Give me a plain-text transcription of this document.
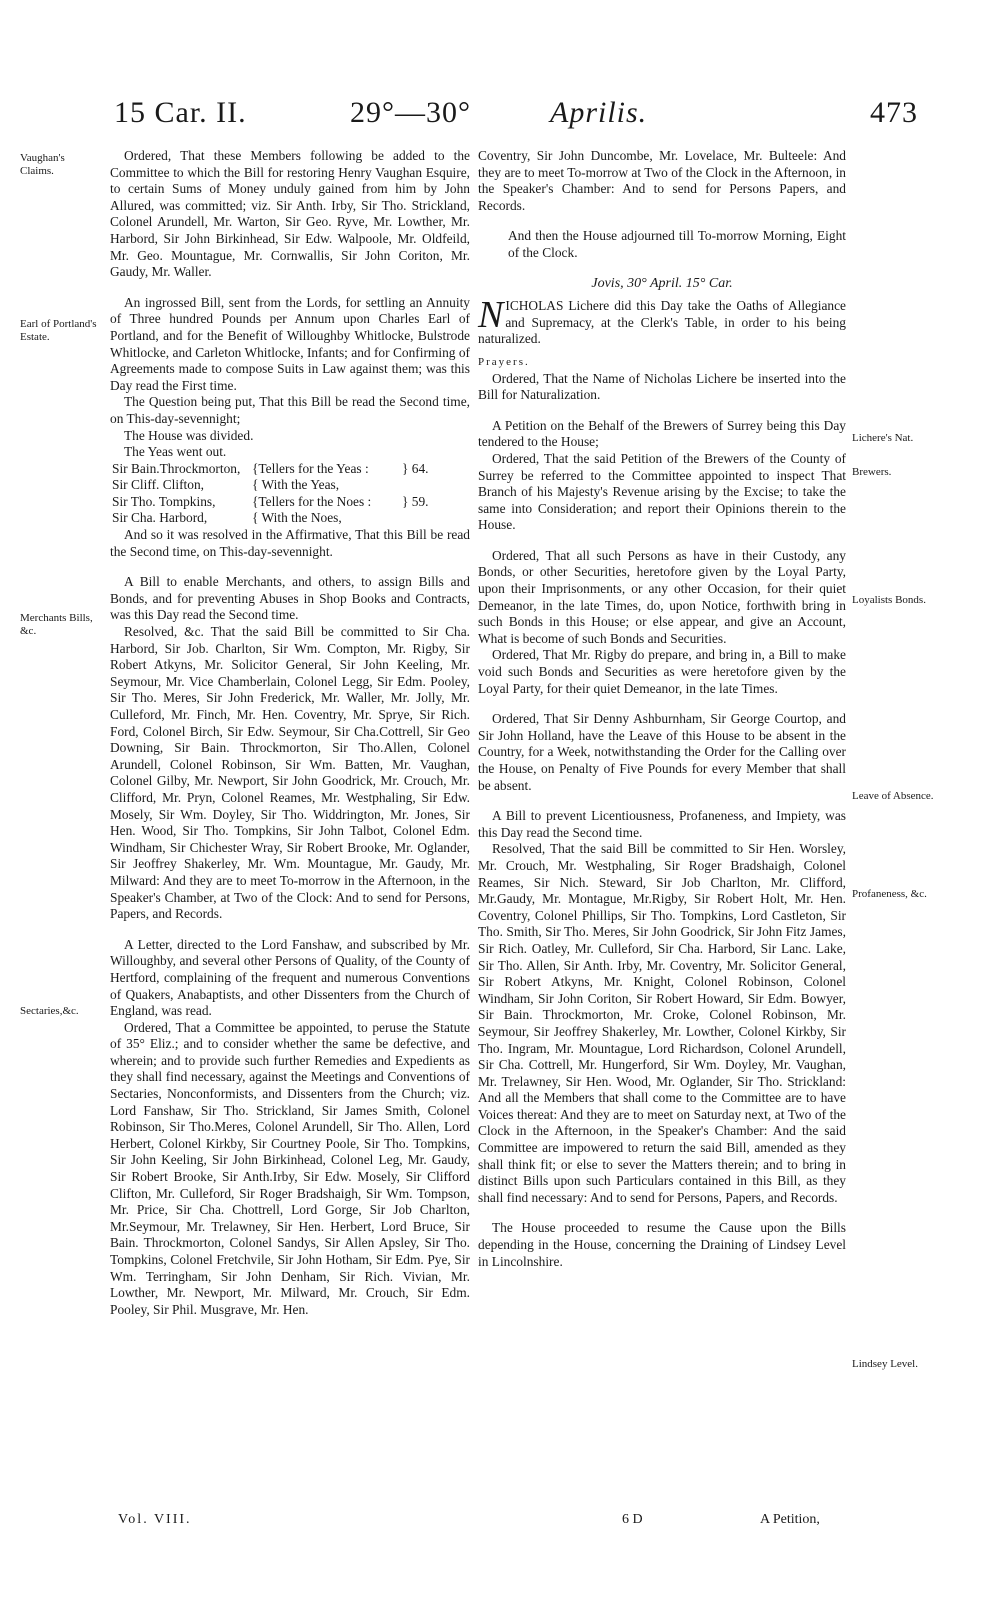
15 Car. II.	29°—30°	Aprilis.	473
Vaughan's Claims.
Earl of Portland's Estate.
Merchants Bills, &c.
Sectaries,&c.
Lichere's Nat.
Brewers.
Loyalists Bonds.
Leave of Absence.
Profaneness, &c.
Lindsey Level.

Ordered, That these Members following be added to the Committee to which the Bill for restoring Henry Vaughan Esquire, to certain Sums of Money unduly gained from him by John Allured, was committed; viz. Sir Anth. Irby, Sir Tho. Strickland, Colonel Arundell, Mr. Warton, Sir Geo. Ryve, Mr. Lowther, Mr. Harbord, Sir John Birkinhead, Sir Edw. Walpoole, Mr. Oldfeild, Mr. Geo. Mountague, Mr. Cornwallis, Sir John Coriton, Mr. Gaudy, Mr. Waller.

An ingrossed Bill, sent from the Lords, for settling an Annuity of Three hundred Pounds per Annum upon Charles Earl of Portland, and for the Benefit of Willoughby Whitlocke, Bulstrode Whitlocke, and Carleton Whitlocke, Infants; and for Confirming of Agreements made to compose Suits in Law against them; was this Day read the First time.

The Question being put, That this Bill be read the Second time, on This-day-sevennight;

The House was divided.

The Yeas went out.

Sir Bain.Throckmorton, {Tellers for the Yeas :	} 64.
Sir Cliff. Clifton,	{ With the Yeas,
Sir Tho. Tompkins,	{Tellers for the Noes :	} 59.
Sir Cha. Harbord,	{ With the Noes,

And so it was resolved in the Affirmative, That this Bill be read the Second time, on This-day-sevennight.

A Bill to enable Merchants, and others, to assign Bills and Bonds, and for preventing Abuses in Shop Books and Contracts, was this Day read the Second time.

Resolved, &c. That the said Bill be committed to Sir Cha. Harbord, Sir Job. Charlton, Sir Wm. Compton, Mr. Rigby, Sir Robert Atkyns, Mr. Solicitor General, Sir John Keeling, Mr. Seymour, Mr. Vice Chamberlain, Colonel Legg, Sir Edm. Pooley, Sir Tho. Meres, Sir John Frederick, Mr. Waller, Mr. Jolly, Mr. Culleford, Mr. Finch, Mr. Hen. Coventry, Mr. Sprye, Sir Rich. Ford, Colonel Birch, Sir Edw. Seymour, Sir Cha.Cottrell, Sir Geo Downing, Sir Bain. Throckmorton, Sir Tho.Allen, Colonel Arundell, Colonel Robinson, Sir Wm. Batten, Mr. Vaughan, Colonel Gilby, Mr. Newport, Sir John Goodrick, Mr. Crouch, Mr. Clifford, Mr. Pryn, Colonel Reames, Mr. Westphaling, Sir Edw. Mosely, Sir Wm. Doyley, Sir Tho. Widdrington, Mr. Jones, Sir Hen. Wood, Sir Tho. Tompkins, Sir John Talbot, Colonel Edm. Windham, Sir Chichester Wray, Sir Robert Brooke, Mr. Oglander, Sir Jeoffrey Shakerley, Mr. Wm. Mountague, Mr. Gaudy, Mr. Milward: And they are to meet To-morrow in the Afternoon, in the Speaker's Chamber, at Two of the Clock: And to send for Persons, Papers, and Records.

A Letter, directed to the Lord Fanshaw, and subscribed by Mr. Willoughby, and several other Persons of Quality, of the County of Hertford, complaining of the frequent and numerous Conventions of Quakers, Anabaptists, and other Dissenters from the Church of England, was read.

Ordered, That a Committee be appointed, to peruse the Statute of 35° Eliz.; and to consider whether the same be defective, and wherein; and to provide such further Remedies and Expedients as they shall find necessary, against the Meetings and Conventions of Sectaries, Nonconformists, and Dissenters from the Church; viz. Lord Fanshaw, Sir Tho. Strickland, Sir James Smith, Colonel Robinson, Sir Tho.Meres, Colonel Arundell, Sir Tho. Allen, Lord Herbert, Colonel Kirkby, Sir Courtney Poole, Sir Tho. Tompkins, Sir John Keeling, Sir John Birkinhead, Colonel Leg, Mr. Gaudy, Sir Robert Brooke, Sir Anth.Irby, Sir Edw. Mosely, Sir Clifford Clifton, Mr. Culleford, Sir Roger Bradshaigh, Sir Wm. Tompson, Mr. Price, Sir Cha. Chottrell, Lord Gorge, Sir Job Charlton, Mr.Seymour, Mr. Trelawney, Sir Hen. Herbert, Lord Bruce, Sir Bain. Throckmorton, Colonel Sandys, Sir Allen Apsley, Sir Tho. Tompkins, Colonel Fretchvile, Sir John Hotham, Sir Edm. Pye, Sir Wm. Terringham, Sir John Denham, Sir Rich. Vivian, Mr. Lowther, Mr. Newport, Mr. Milward, Mr. Crouch, Sir Edm. Pooley, Sir Phil. Musgrave, Mr. Hen.

Coventry, Sir John Duncombe, Mr. Lovelace, Mr. Bulteele: And they are to meet To-morrow at Two of the Clock in the Afternoon, in the Speaker's Chamber: And to send for Persons Papers, and Records.

And then the House adjourned till To-morrow Morning, Eight of the Clock.

Jovis, 30° April. 15° Car.

NICHOLAS Lichere did this Day take the Oaths of Allegiance and Supremacy, at the Clerk's Table, in order to his being naturalized.

Prayers.

Ordered, That the Name of Nicholas Lichere be inserted into the Bill for Naturalization.

A Petition on the Behalf of the Brewers of Surrey being this Day tendered to the House;

Ordered, That the said Petition of the Brewers of the County of Surrey be referred to the Committee appointed to inspect That Branch of his Majesty's Revenue arising by the Excise; to take the same into Consideration; and report their Opinions therein to the House.

Ordered, That all such Persons as have in their Custody, any Bonds, or other Securities, heretofore given by the Loyal Party, upon their Imprisonments, or any other Occasion, for their quiet Demeanor, in the late Times, do, upon Notice, forthwith bring in such Bonds in this House; or else appear, and give an Account, What is become of such Bonds and Securities.

Ordered, That Mr. Rigby do prepare, and bring in, a Bill to make void such Bonds and Securities as were heretofore given by the Loyal Party, for their quiet Demeanor, in the late Times.

Ordered, That Sir Denny Ashburnham, Sir George Courtop, and Sir John Holland, have the Leave of this House to be absent in the Country, for a Week, notwithstanding the Order for the Calling over the House, on Penalty of Five Pounds for every Member that shall be absent.

A Bill to prevent Licentiousness, Profaneness, and Impiety, was this Day read the Second time.

Resolved, That the said Bill be committed to Sir Hen. Worsley, Mr. Crouch, Mr. Westphaling, Sir Roger Bradshaigh, Colonel Reames, Sir Nich. Steward, Sir Job Charlton, Mr. Clifford, Mr.Gaudy, Mr. Montague, Mr.Rigby, Sir Robert Holt, Mr. Hen. Coventry, Colonel Phillips, Sir Tho. Tompkins, Lord Castleton, Sir Tho. Smith, Sir Tho. Meres, Sir John Goodrick, Sir John Fitz James, Sir Rich. Oatley, Mr. Culleford, Sir Cha. Harbord, Sir Lanc. Lake, Sir Tho. Allen, Sir Anth. Irby, Mr. Coventry, Mr. Solicitor General, Sir Robert Atkyns, Mr. Knight, Colonel Robinson, Colonel Windham, Sir John Coriton, Sir Robert Howard, Sir Edm. Bowyer, Sir Bain. Throckmorton, Mr. Croke, Colonel Robinson, Mr. Seymour, Sir Jeoffrey Shakerley, Mr. Lowther, Colonel Kirkby, Sir Tho. Ingram, Mr. Mountague, Lord Richardson, Colonel Arundell, Sir Cha. Cottrell, Mr. Hungerford, Sir Wm. Doyley, Mr. Vaughan, Mr. Trelawney, Sir Hen. Wood, Mr. Oglander, Sir Tho. Strickland: And all the Members that shall come to the Committee are to have Voices thereat: And they are to meet on Saturday next, at Two of the Clock in the Afternoon, in the Speaker's Chamber: And the said Committee are impowered to return the said Bill, amended as they shall think fit; or else to sever the Matters therein; and to bring in distinct Bills upon such Particulars contained in this Bill, as they shall find necessary: And to send for Persons, Papers, and Records.

The House proceeded to resume the Cause upon the Bills depending in the House, concerning the Draining of Lindsey Level in Lincolnshire.

Vol. VIII.	6 D	A Petition,
